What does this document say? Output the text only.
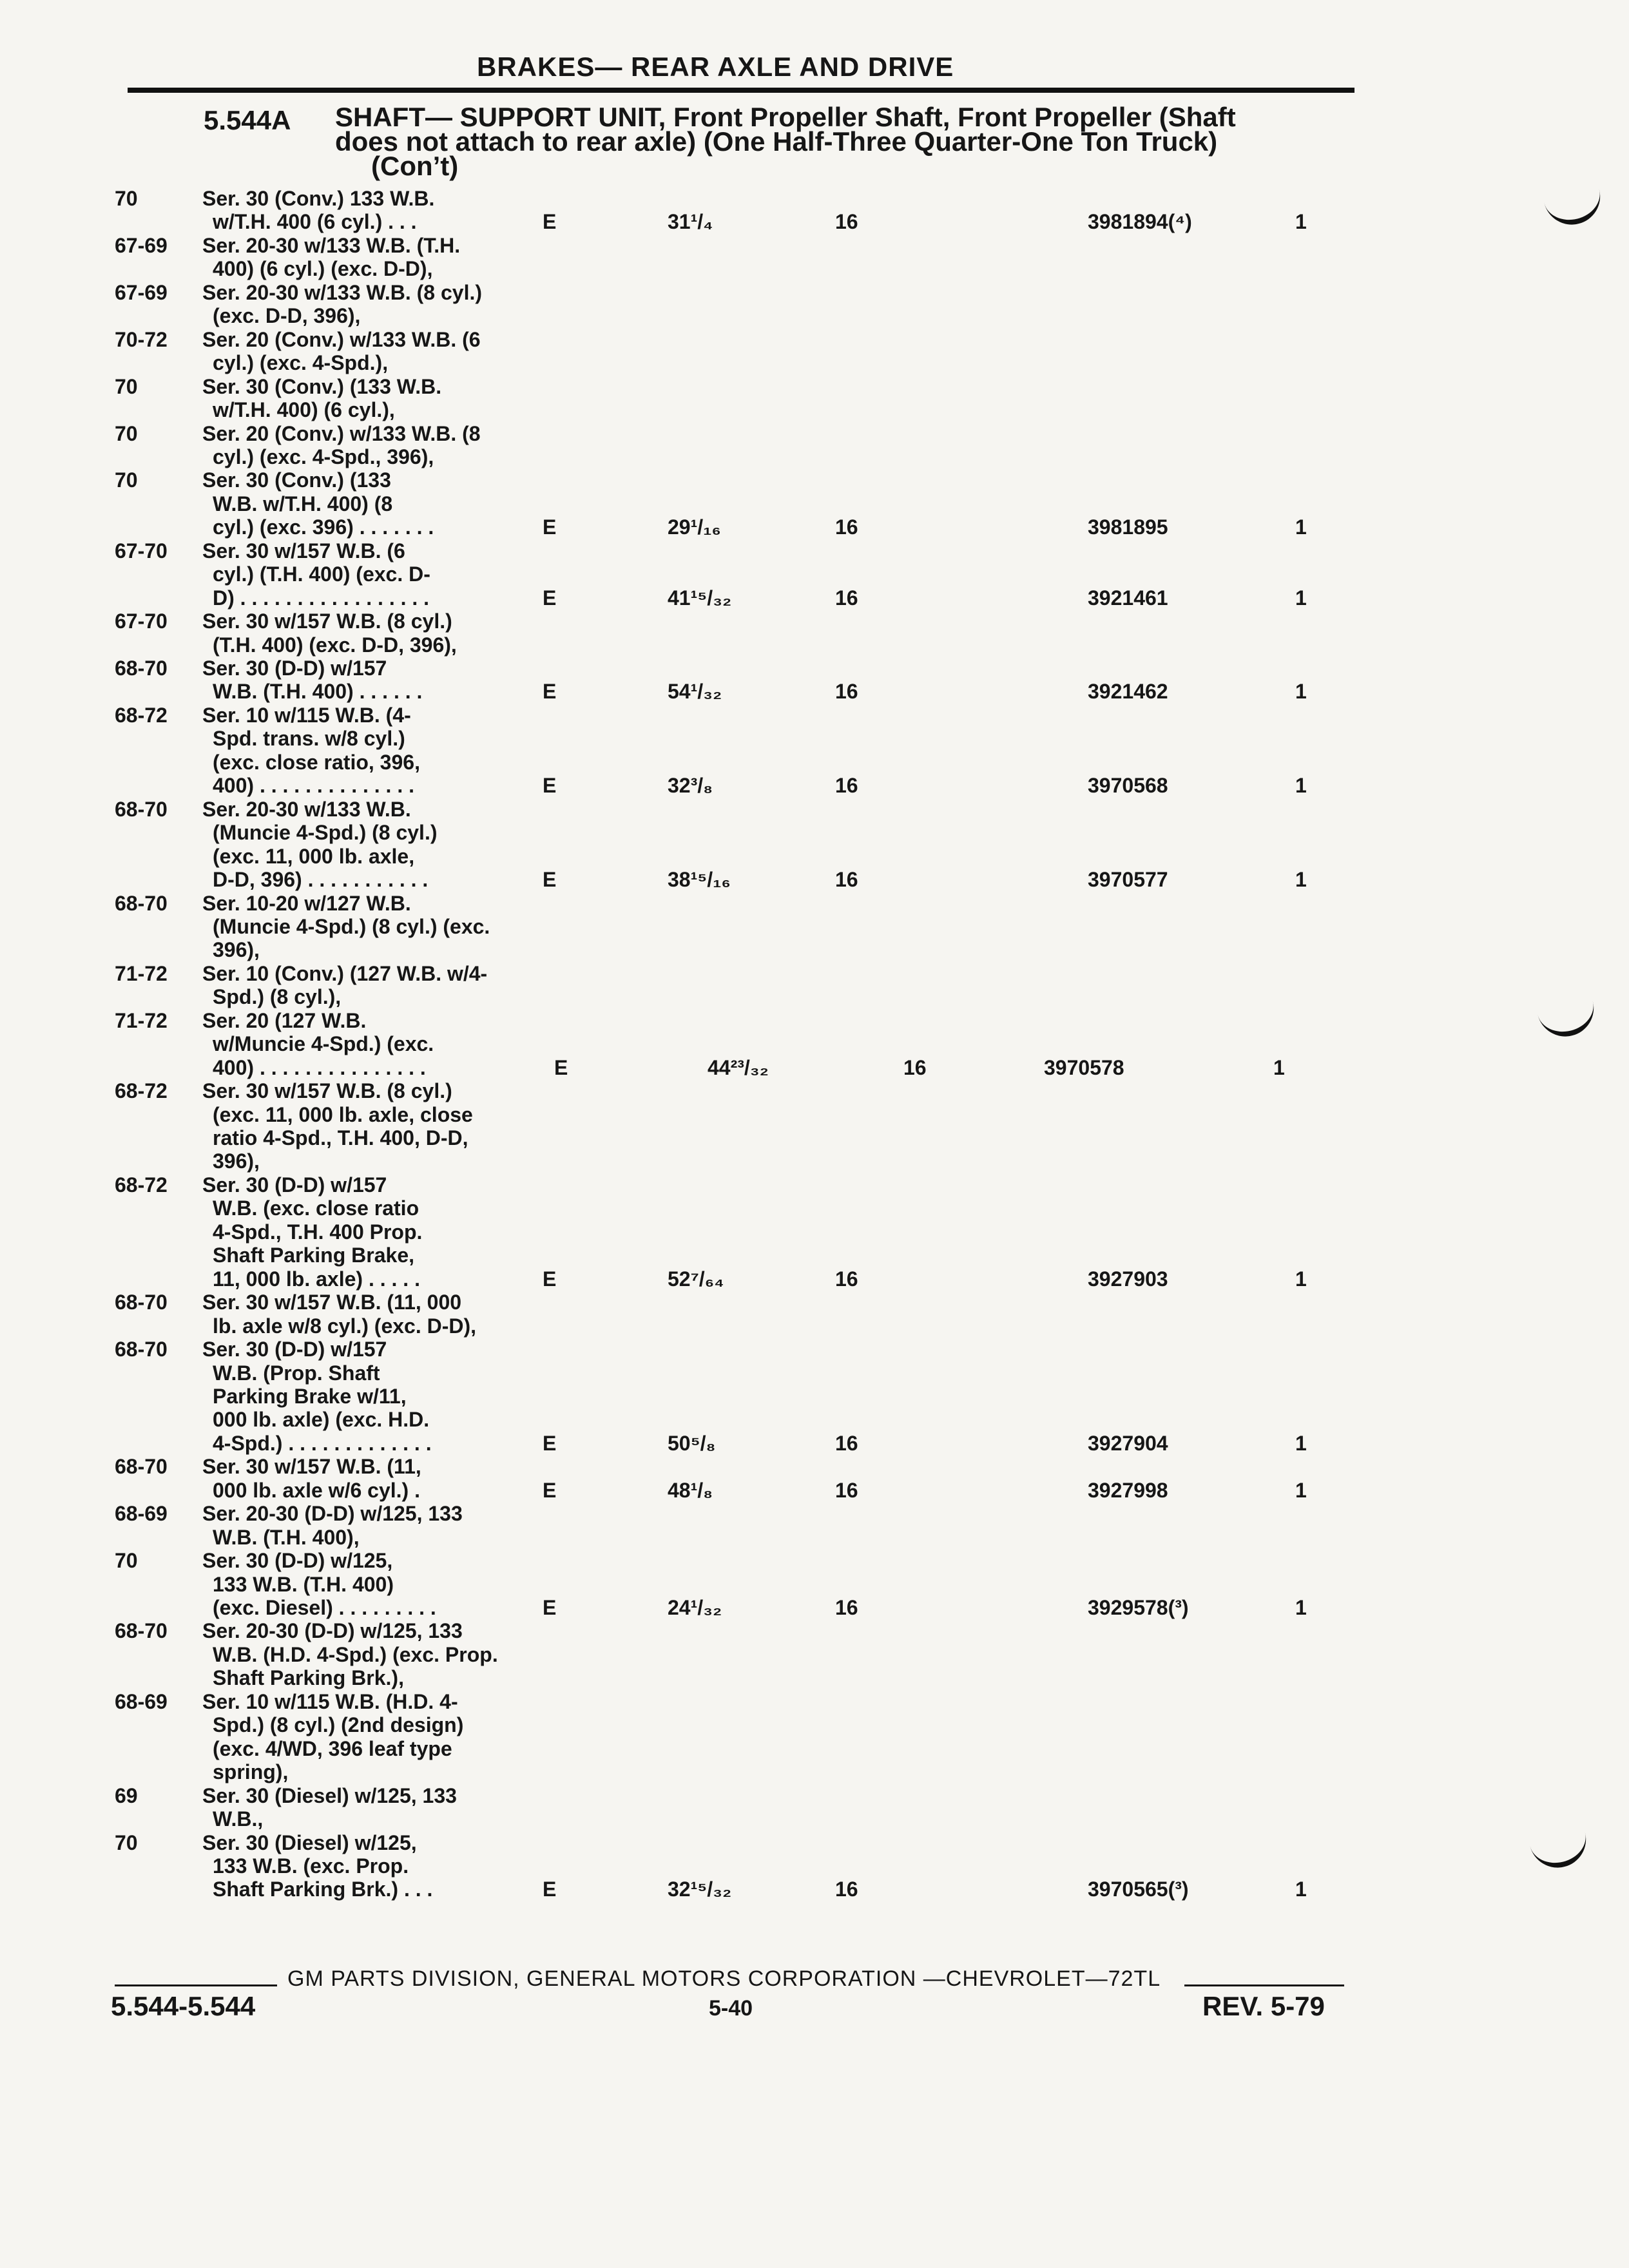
BRAKES— REAR AXLE AND DRIVE
5.544A SHAFT— SUPPORT UNIT, Front Propeller Shaft, Front Propeller (Shaft
does not attach to rear axle) (One Half-Three Quarter-One Ton Truck)
(Con’t)
70	Ser. 30 (Conv.) 133 W.B.
w/T.H. 400 (6 cyl.) . . .	E	31¹/₄	16	3981894(⁴)	1
67-69 Ser. 20-30 w/133 W.B. (T.H.
400) (6 cyl.) (exc. D-D),
67-69 Ser. 20-30 w/133 W.B. (8 cyl.)
(exc. D-D, 396),
70-72 Ser. 20 (Conv.) w/133 W.B. (6
cyl.) (exc. 4-Spd.),
70	Ser. 30 (Conv.) (133 W.B.
w/T.H. 400) (6 cyl.),
70	Ser. 20 (Conv.) w/133 W.B. (8
cyl.) (exc. 4-Spd., 396),
70	Ser. 30 (Conv.) (133
W.B. w/T.H. 400) (8
cyl.) (exc. 396) . . . . . . .	E	29¹/₁₆	16	3981895	1
67-70 Ser. 30 w/157 W.B. (6
cyl.) (T.H. 400) (exc. D-
D) . . . . . . . . . . . . . . . . .	E	41¹⁵/₃₂	16	3921461	1
67-70 Ser. 30 w/157 W.B. (8 cyl.)
(T.H. 400) (exc. D-D, 396),
68-70 Ser. 30 (D-D) w/157
W.B. (T.H. 400) . . . . . .	E	54¹/₃₂	16	3921462	1
68-72 Ser. 10 w/115 W.B. (4-
Spd. trans. w/8 cyl.)
(exc. close ratio, 396,
400) . . . . . . . . . . . . . .	E	32³/₈	16	3970568	1
68-70 Ser. 20-30 w/133 W.B.
(Muncie 4-Spd.) (8 cyl.)
(exc. 11, 000 lb. axle,
D-D, 396) . . . . . . . . . . .	E	38¹⁵/₁₆	16	3970577	1
68-70 Ser. 10-20 w/127 W.B.
(Muncie 4-Spd.) (8 cyl.) (exc.
396),
71-72 Ser. 10 (Conv.) (127 W.B. w/4-
Spd.) (8 cyl.),
71-72 Ser. 20 (127 W.B.
w/Muncie 4-Spd.) (exc.
400) . . . . . . . . . . . . . . .	E	44²³/₃₂	16	3970578	1
68-72 Ser. 30 w/157 W.B. (8 cyl.)
(exc. 11, 000 lb. axle, close
ratio 4-Spd., T.H. 400, D-D,
396),
68-72 Ser. 30 (D-D) w/157
W.B. (exc. close ratio
4-Spd., T.H. 400 Prop.
Shaft Parking Brake,
11, 000 lb. axle) . . . . .	E	52⁷/₆₄	16	3927903	1
68-70 Ser. 30 w/157 W.B. (11, 000
lb. axle w/8 cyl.) (exc. D-D),
68-70 Ser. 30 (D-D) w/157
W.B. (Prop. Shaft
Parking Brake w/11,
000 lb. axle) (exc. H.D.
4-Spd.) . . . . . . . . . . . . .	E	50⁵/₈	16	3927904	1
68-70 Ser. 30 w/157 W.B. (11,
000 lb. axle w/6 cyl.) .	E	48¹/₈	16	3927998	1
68-69 Ser. 20-30 (D-D) w/125, 133
W.B. (T.H. 400),
70	Ser. 30 (D-D) w/125,
133 W.B. (T.H. 400)
(exc. Diesel) . . . . . . . . .	E	24¹/₃₂	16	3929578(³)	1
68-70 Ser. 20-30 (D-D) w/125, 133
W.B. (H.D. 4-Spd.) (exc. Prop.
Shaft Parking Brk.),
68-69 Ser. 10 w/115 W.B. (H.D. 4-
Spd.) (8 cyl.) (2nd design)
(exc. 4/WD, 396 leaf type
spring),
69	Ser. 30 (Diesel) w/125, 133
W.B.,
70	Ser. 30 (Diesel) w/125,
133 W.B. (exc. Prop.
Shaft Parking Brk.) . . .	E	32¹⁵/₃₂	16	3970565(³)	1
GM PARTS DIVISION, GENERAL MOTORS CORPORATION —CHEVROLET—72TL
5.544-5.544	5-40	REV. 5-79
